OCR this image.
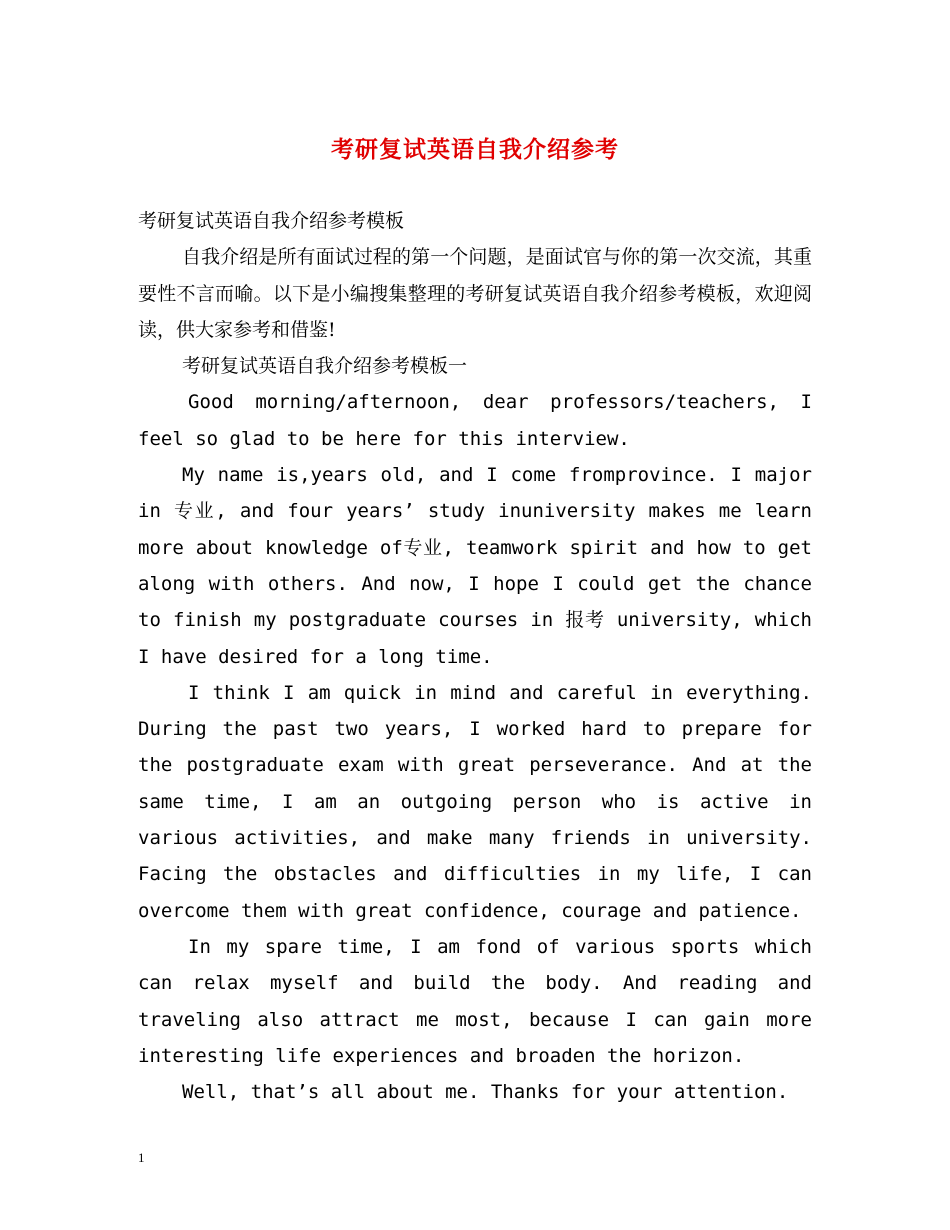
考研复试英语自我介绍参考

考研复试英语自我介绍参考模板

自我介绍是所有面试过程的第一个问题，是面试官与你的第一次交流，其重要性不言而喻。以下是小编搜集整理的考研复试英语自我介绍参考模板，欢迎阅读，供大家参考和借鉴!

考研复试英语自我介绍参考模板一

Good morning/afternoon, dear professors/teachers, I feel so glad to be here for this interview.

My name is,years old, and I come fromprovince. I major in 专业, and four years’ study inuniversity makes me learn more about knowledge of专业, teamwork spirit and how to get along with others. And now, I hope I could get the chance to finish my postgraduate courses in 报考 university, which I have desired for a long time.

I think I am quick in mind and careful in everything. During the past two years, I worked hard to prepare for the postgraduate exam with great perseverance. And at the same time, I am an outgoing person who is active in various activities, and make many friends in university. Facing the obstacles and difficulties in my life, I can overcome them with great confidence, courage and patience.

In my spare time, I am fond of various sports which can relax myself and build the body. And reading and traveling also attract me most, because I can gain more interesting life experiences and broaden the horizon.

Well, that’s all about me. Thanks for your attention.

1
